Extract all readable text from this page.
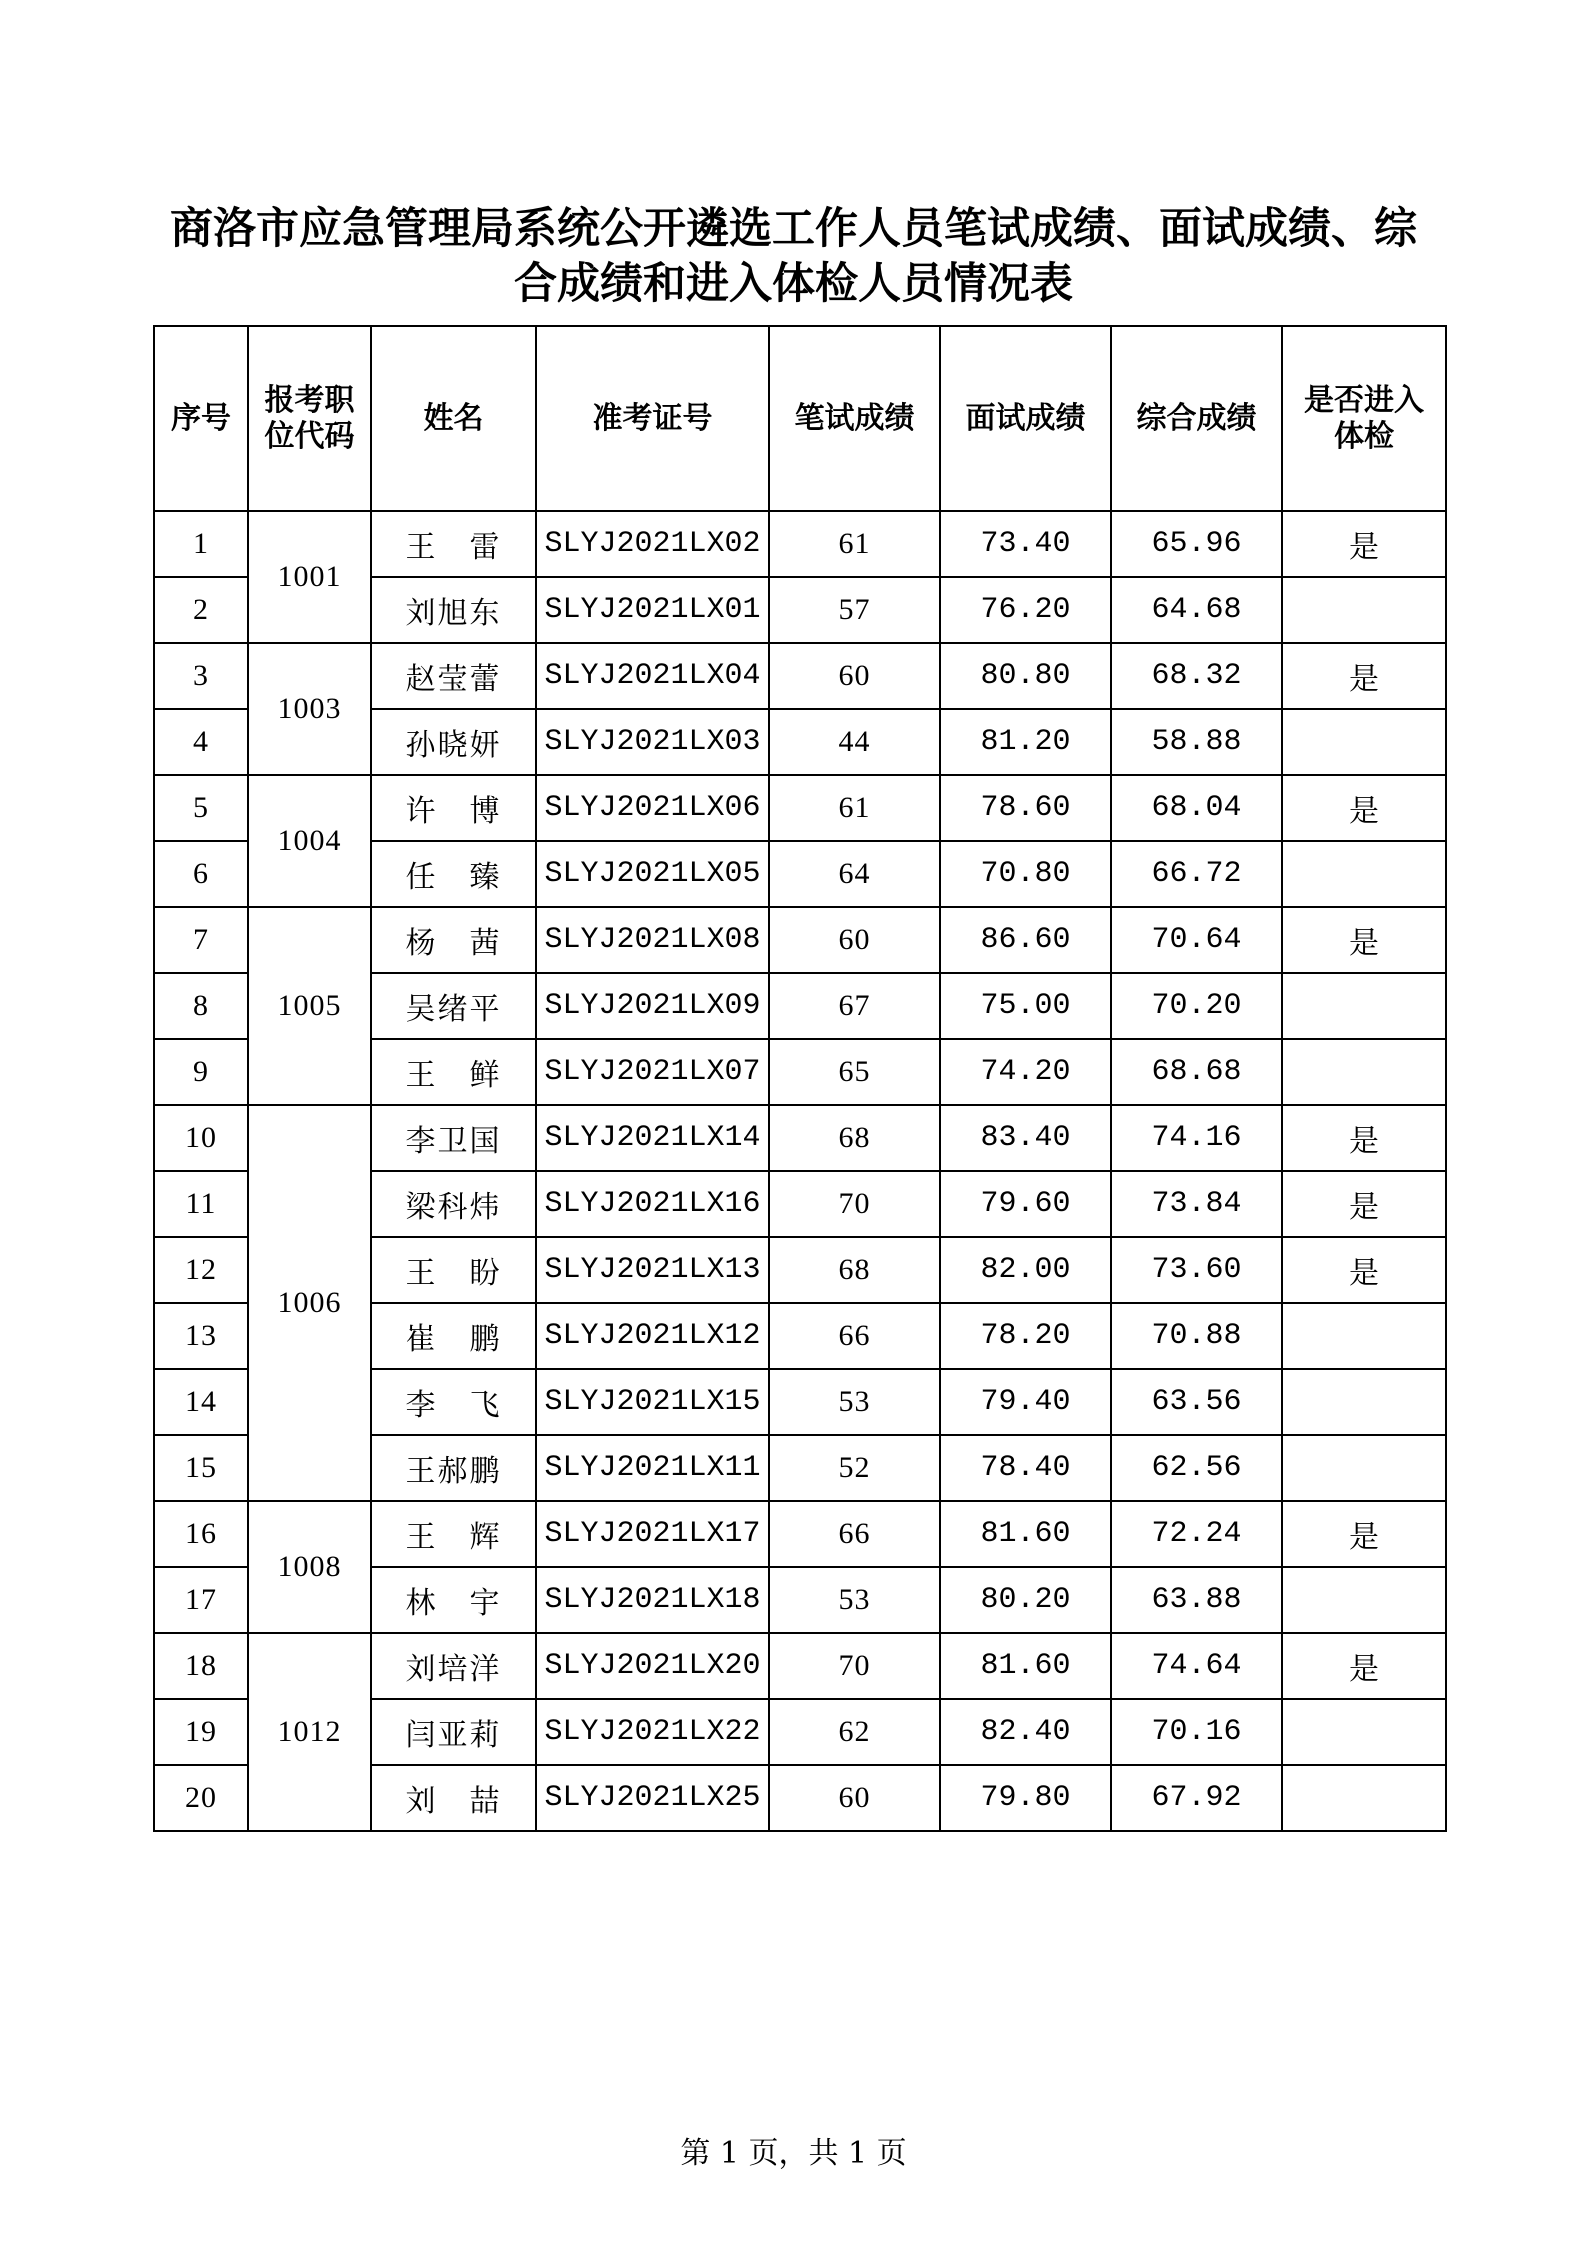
商洛市应急管理局系统公开遴选工作人员笔试成绩、面试成绩、综
合成绩和进入体检人员情况表
序号	报考职位代码	姓名	准考证号	笔试成绩	面试成绩	综合成绩	是否进入体检
1	1001	王　雷	SLYJ2021LX02	61	73.40	65.96	是
2		刘旭东	SLYJ2021LX01	57	76.20	64.68	
3	1003	赵莹蕾	SLYJ2021LX04	60	80.80	68.32	是
4		孙晓妍	SLYJ2021LX03	44	81.20	58.88	
5	1004	许　博	SLYJ2021LX06	61	78.60	68.04	是
6		任　臻	SLYJ2021LX05	64	70.80	66.72	
7	1005	杨　茜	SLYJ2021LX08	60	86.60	70.64	是
8		吴绪平	SLYJ2021LX09	67	75.00	70.20	
9		王　鲜	SLYJ2021LX07	65	74.20	68.68	
10	1006	李卫国	SLYJ2021LX14	68	83.40	74.16	是
11		梁科炜	SLYJ2021LX16	70	79.60	73.84	是
12		王　盼	SLYJ2021LX13	68	82.00	73.60	是
13		崔　鹏	SLYJ2021LX12	66	78.20	70.88	
14		李　飞	SLYJ2021LX15	53	79.40	63.56	
15		王郝鹏	SLYJ2021LX11	52	78.40	62.56	
16	1008	王　辉	SLYJ2021LX17	66	81.60	72.24	是
17		林　宇	SLYJ2021LX18	53	80.20	63.88	
18	1012	刘培洋	SLYJ2021LX20	70	81.60	74.64	是
19		闫亚莉	SLYJ2021LX22	62	82.40	70.16	
20		刘　喆	SLYJ2021LX25	60	79.80	67.92	
第 1 页，共 1 页
